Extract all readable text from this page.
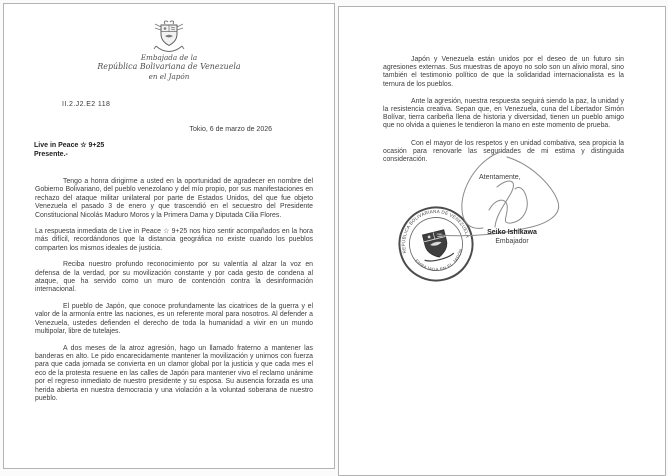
Embajada de la
República Bolivariana de Venezuela
en el Japón
II.2.J2.E2 118
Tokio, 6 de marzo de 2026
Live in Peace ☆ 9+25
Presente.-

Tengo a honra dirigirme a usted en la oportunidad de agradecer en nombre del Gobierno Bolivariano, del pueblo venezolano y del mío propio, por sus manifestaciones en rechazo del ataque militar unilateral por parte de Estados Unidos, del que fue objeto Venezuela el pasado 3 de enero y que trascendió en el secuestro del Presidente Constitucional Nicolás Maduro Moros y la Primera Dama y Diputada Cilia Flores.

La respuesta inmediata de Live in Peace ☆ 9+25 nos hizo sentir acompañados en la hora más difícil, recordándonos que la distancia geográfica no existe cuando los pueblos comparten los mismos ideales de justicia.

Reciba nuestro profundo reconocimiento por su valentía al alzar la voz en defensa de la verdad, por su movilización constante y por cada gesto de condena al ataque, que ha servido como un muro de contención contra la desinformación internacional.

El pueblo de Japón, que conoce profundamente las cicatrices de la guerra y el valor de la armonía entre las naciones, es un referente moral para nosotros. Al defender a Venezuela, ustedes defienden el derecho de toda la humanidad a vivir en un mundo multipolar, libre de tutelajes.

A dos meses de la atroz agresión, hago un llamado fraterno a mantener las banderas en alto. Le pido encarecidamente mantener la movilización y unirnos con fuerza para que cada jornada se convierta en un clamor global por la justicia y que cada mes el eco de la protesta resuene en las calles de Japón para mantener vivo el reclamo unánime por el regreso inmediato de nuestro presidente y su esposa. Su ausencia forzada es una herida abierta en nuestra democracia y una violación a la voluntad soberana de nuestro pueblo.

Japón y Venezuela están unidos por el deseo de un futuro sin agresiones externas. Sus muestras de apoyo no solo son un alivio moral, sino también el testimonio político de que la solidaridad internacionalista es la ternura de los pueblos.

Ante la agresión, nuestra respuesta seguirá siendo la paz, la unidad y la resistencia creativa. Sepan que, en Venezuela, cuna del Libertador Simón Bolívar, tierra caribeña llena de historia y diversidad, tienen un pueblo amigo que no olvida a quienes le tendieron la mano en este momento de prueba.

Con el mayor de los respetos y en unidad combativa, sea propicia la ocasión para renovarle las seguridades de mi estima y distinguida consideración.

Atentamente,
REPÚBLICA BOLIVARIANA DE VENEZUELA
EMBAJADA EN EL JAPÓN
Seiko Ishikawa
Embajador
